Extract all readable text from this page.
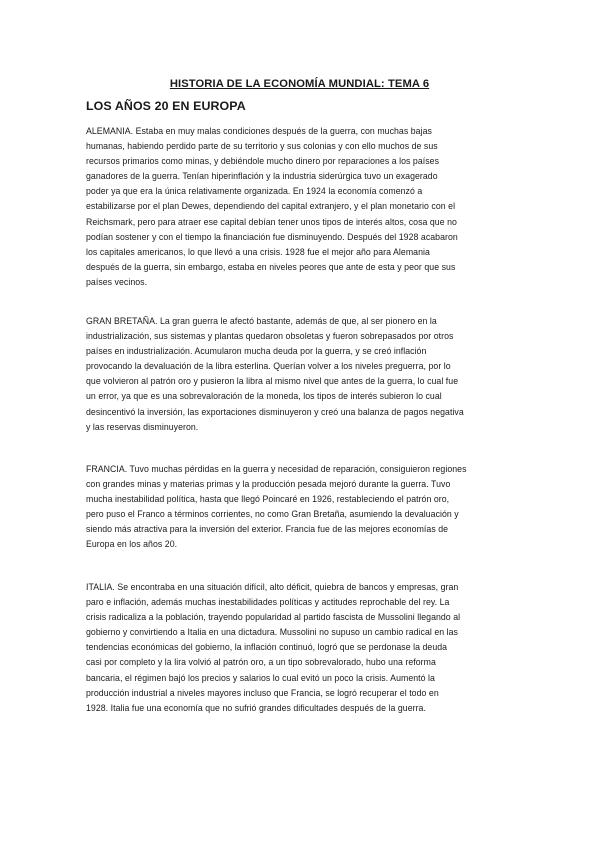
HISTORIA DE LA ECONOMÍA MUNDIAL: TEMA 6
LOS AÑOS 20 EN EUROPA
ALEMANIA. Estaba en muy malas condiciones después de la guerra, con muchas bajas
humanas, habiendo perdido parte de su territorio y sus colonias y con ello muchos de sus
recursos primarios como minas, y debiéndole mucho dinero por reparaciones a los países
ganadores de la guerra. Tenían hiperinflación y la industria siderúrgica tuvo un exagerado
poder ya que era la única relativamente organizada. En 1924 la economía comenzó a
estabilizarse por el plan Dewes, dependiendo del capital extranjero, y el plan monetario con el
Reichsmark, pero para atraer ese capital debían tener unos tipos de interés altos, cosa que no
podían sostener y con el tiempo la financiación fue disminuyendo. Después del 1928 acabaron
los capitales americanos, lo que llevó a una crisis. 1928 fue el mejor año para Alemania
después de la guerra, sin embargo, estaba en niveles peores que ante de esta y peor que sus
países vecinos.
GRAN BRETAÑA. La gran guerra le afectó bastante, además de que, al ser pionero en la
industrialización, sus sistemas y plantas quedaron obsoletas y fueron sobrepasados por otros
países en industrialización. Acumularon mucha deuda por la guerra, y se creó inflación
provocando la devaluación de la libra esterlina. Querían volver a los niveles preguerra, por lo
que volvieron al patrón oro y pusieron la libra al mismo nivel que antes de la guerra, lo cual fue
un error, ya que es una sobrevaloración de la moneda, los tipos de interés subieron lo cual
desincentivó la inversión, las exportaciones disminuyeron y creó una balanza de pagos negativa
y las reservas disminuyeron.
FRANCIA. Tuvo muchas pérdidas en la guerra y necesidad de reparación, consiguieron regiones
con grandes minas y materias primas y la producción pesada mejoró durante la guerra. Tuvo
mucha inestabilidad política, hasta que llegó Poincaré en 1926, restableciendo el patrón oro,
pero puso el Franco a términos corrientes, no como Gran Bretaña, asumiendo la devaluación y
siendo más atractiva para la inversión del exterior. Francia fue de las mejores economías de
Europa en los años 20.
ITALIA. Se encontraba en una situación difícil, alto déficit, quiebra de bancos y empresas, gran
paro e inflación, además muchas inestabilidades políticas y actitudes reprochable del rey. La
crisis radicaliza a la población, trayendo popularidad al partido fascista de Mussolini llegando al
gobierno y convirtiendo a Italia en una dictadura. Mussolini no supuso un cambio radical en las
tendencias económicas del gobierno, la inflación continuó, logró que se perdonase la deuda
casi por completo y la lira volvió al patrón oro, a un tipo sobrevalorado, hubo una reforma
bancaria, el régimen bajó los precios y salarios lo cual evitó un poco la crisis. Aumentó la
producción industrial a niveles mayores incluso que Francia, se logró recuperar el todo en
1928. Italia fue una economía que no sufrió grandes dificultades después de la guerra.
